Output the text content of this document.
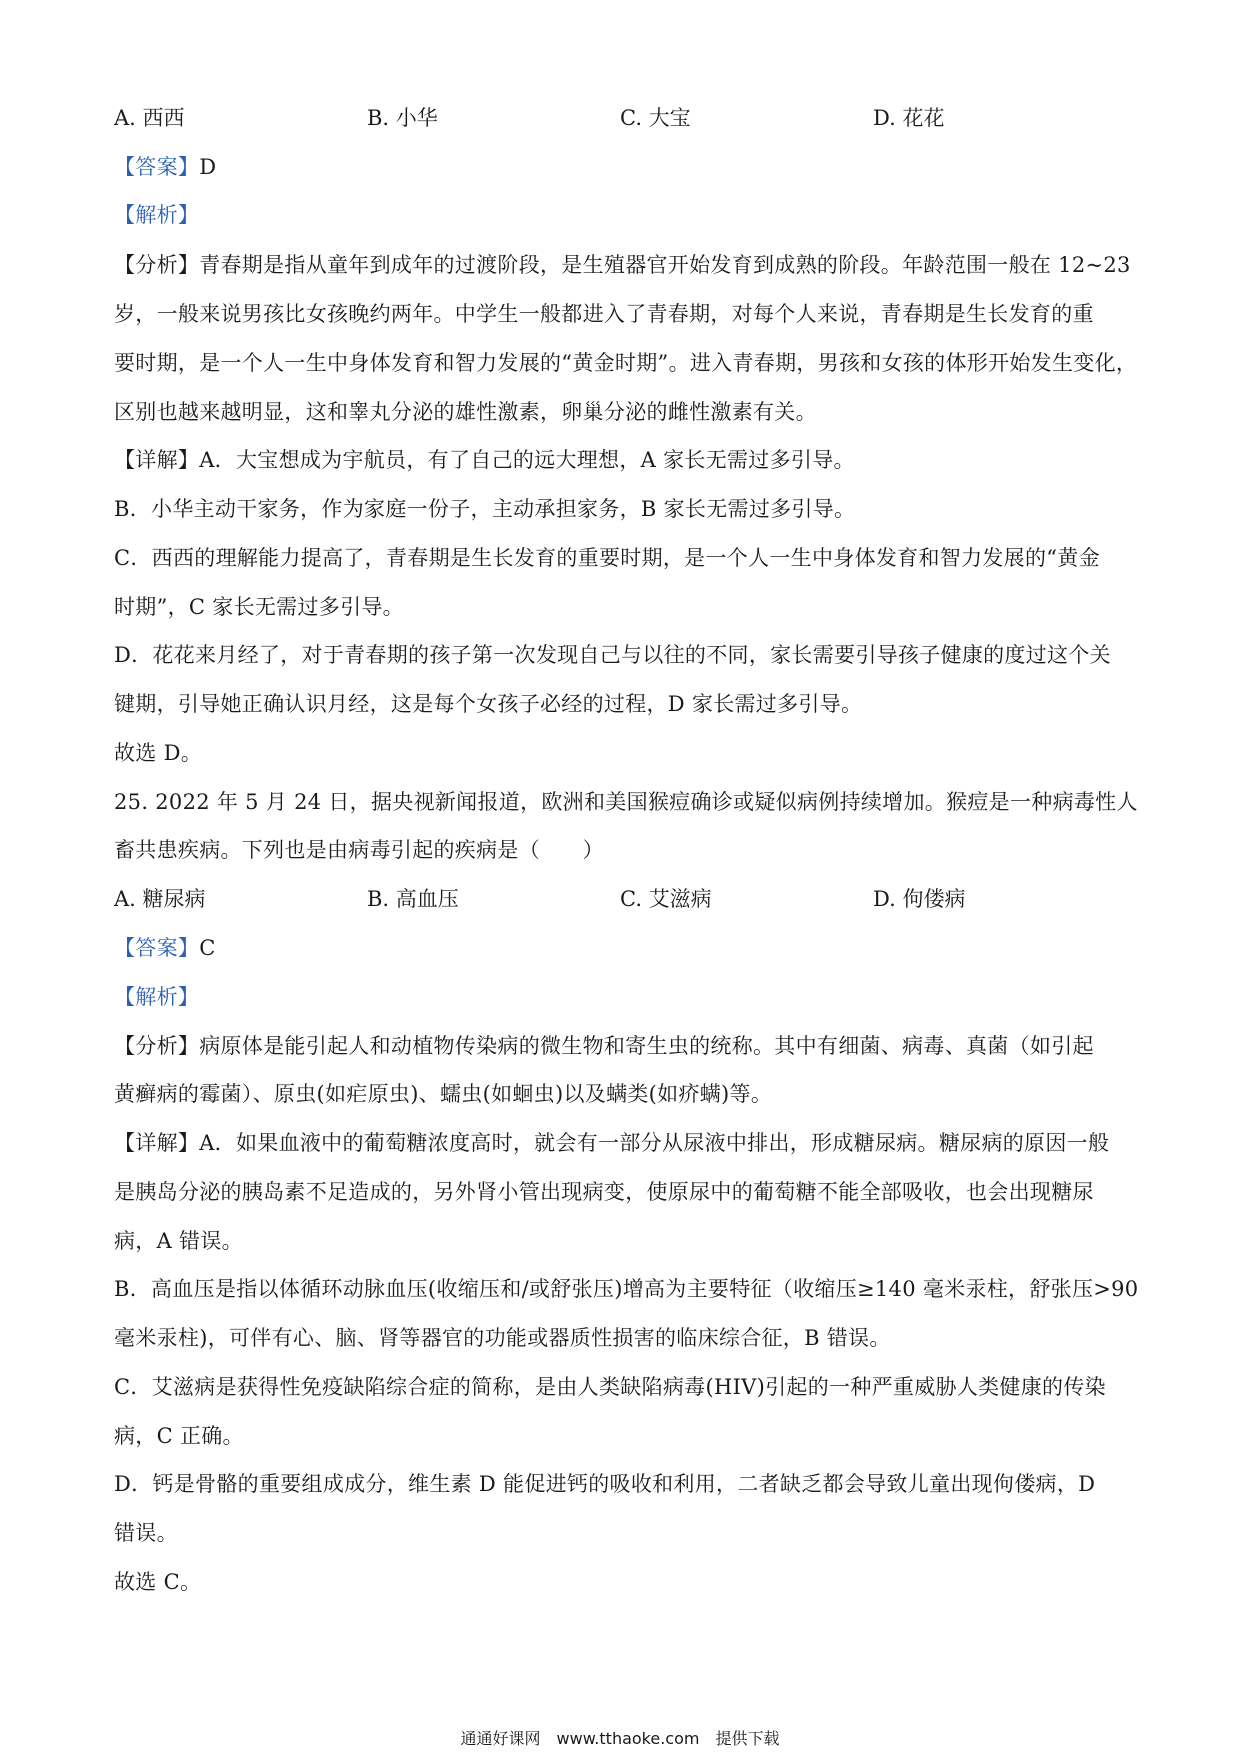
A. 西西	B. 小华	C. 大宝	D. 花花
【答案】D
【解析】
【分析】青春期是指从童年到成年的过渡阶段，是生殖器官开始发育到成熟的阶段。年龄范围一般在 12~23
岁，一般来说男孩比女孩晚约两年。中学生一般都进入了青春期，对每个人来说，青春期是生长发育的重
要时期，是一个人一生中身体发育和智力发展的“黄金时期”。进入青春期，男孩和女孩的体形开始发生变化，
区别也越来越明显，这和睾丸分泌的雄性激素，卵巢分泌的雌性激素有关。
【详解】A．大宝想成为宇航员，有了自己的远大理想，A 家长无需过多引导。
B．小华主动干家务，作为家庭一份子，主动承担家务，B 家长无需过多引导。
C．西西的理解能力提高了，青春期是生长发育的重要时期，是一个人一生中身体发育和智力发展的“黄金
时期”，C 家长无需过多引导。
D．花花来月经了，对于青春期的孩子第一次发现自己与以往的不同，家长需要引导孩子健康的度过这个关
键期，引导她正确认识月经，这是每个女孩子必经的过程，D 家长需过多引导。
故选 D。
25. 2022 年 5 月 24 日，据央视新闻报道，欧洲和美国猴痘确诊或疑似病例持续增加。猴痘是一种病毒性人
畜共患疾病。下列也是由病毒引起的疾病是（　　）
A. 糖尿病	B. 高血压	C. 艾滋病	D. 佝偻病
【答案】C
【解析】
【分析】病原体是能引起人和动植物传染病的微生物和寄生虫的统称。其中有细菌、病毒、真菌（如引起
黄癣病的霉菌）、原虫(如疟原虫)、蠕虫(如蛔虫)以及螨类(如疥螨)等。
【详解】A．如果血液中的葡萄糖浓度高时，就会有一部分从尿液中排出，形成糖尿病。糖尿病的原因一般
是胰岛分泌的胰岛素不足造成的，另外肾小管出现病变，使原尿中的葡萄糖不能全部吸收，也会出现糖尿
病，A 错误。
B．高血压是指以体循环动脉血压(收缩压和/或舒张压)增高为主要特征（收缩压≥140 毫米汞柱，舒张压>90
毫米汞柱)，可伴有心、脑、肾等器官的功能或器质性损害的临床综合征，B 错误。
C．艾滋病是获得性免疫缺陷综合症的简称，是由人类缺陷病毒(HIV)引起的一种严重威胁人类健康的传染
病，C 正确。
D．钙是骨骼的重要组成成分，维生素 D 能促进钙的吸收和利用，二者缺乏都会导致儿童出现佝偻病，D
错误。
故选 C。
通通好课网　www.tthaoke.com　提供下载
